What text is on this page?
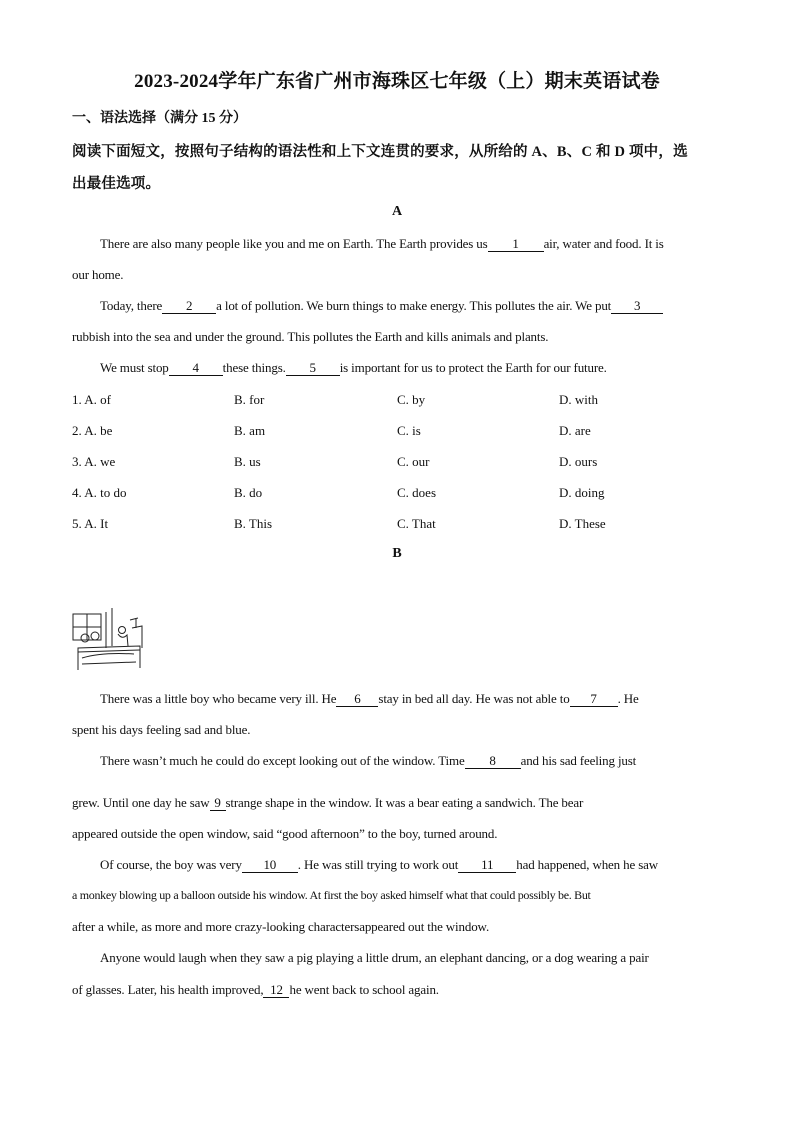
2023-2024学年广东省广州市海珠区七年级（上）期末英语试卷
一、语法选择（满分 15 分）
阅读下面短文，按照句子结构的语法性和上下文连贯的要求，从所给的 A、B、C 和 D 项中，选
出最佳选项。
A
There are also many people like you and me on Earth. The Earth provides us 1 air, water and food. It is
our home.
Today, there 2 a lot of pollution. We burn things to make energy. This pollutes the air. We put 3
rubbish into the sea and under the ground. This pollutes the Earth and kills animals and plants.
We must stop 4 these things. 5 is important for us to protect the Earth for our future.
1. A. of	B. for	C. by	D. with
2. A. be	B. am	C. is	D. are
3. A. we	B. us	C. our	D. ours
4. A. to do	B. do	C. does	D. doing
5. A. It	B. This	C. That	D. These
B
There was a little boy who became very ill. He 6 stay in bed all day. He was not able to 7 . He
spent his days feeling sad and blue.
There wasn’t much he could do except looking out of the window. Time 8 and his sad feeling just
grew. Until one day he saw 9 strange shape in the window. It was a bear eating a sandwich. The bear
appeared outside the open window, said “good afternoon” to the boy, turned around.
Of course, the boy was very 10 . He was still trying to work out 11 had happened, when he saw
a monkey blowing up a balloon outside his window. At first the boy asked himself what that could possibly be. But
after a while, as more and more crazy-looking charactersappeared out the window.
Anyone would laugh when they saw a pig playing a little drum, an elephant dancing, or a dog wearing a pair
of glasses. Later, his health improved, 12 he went back to school again.
